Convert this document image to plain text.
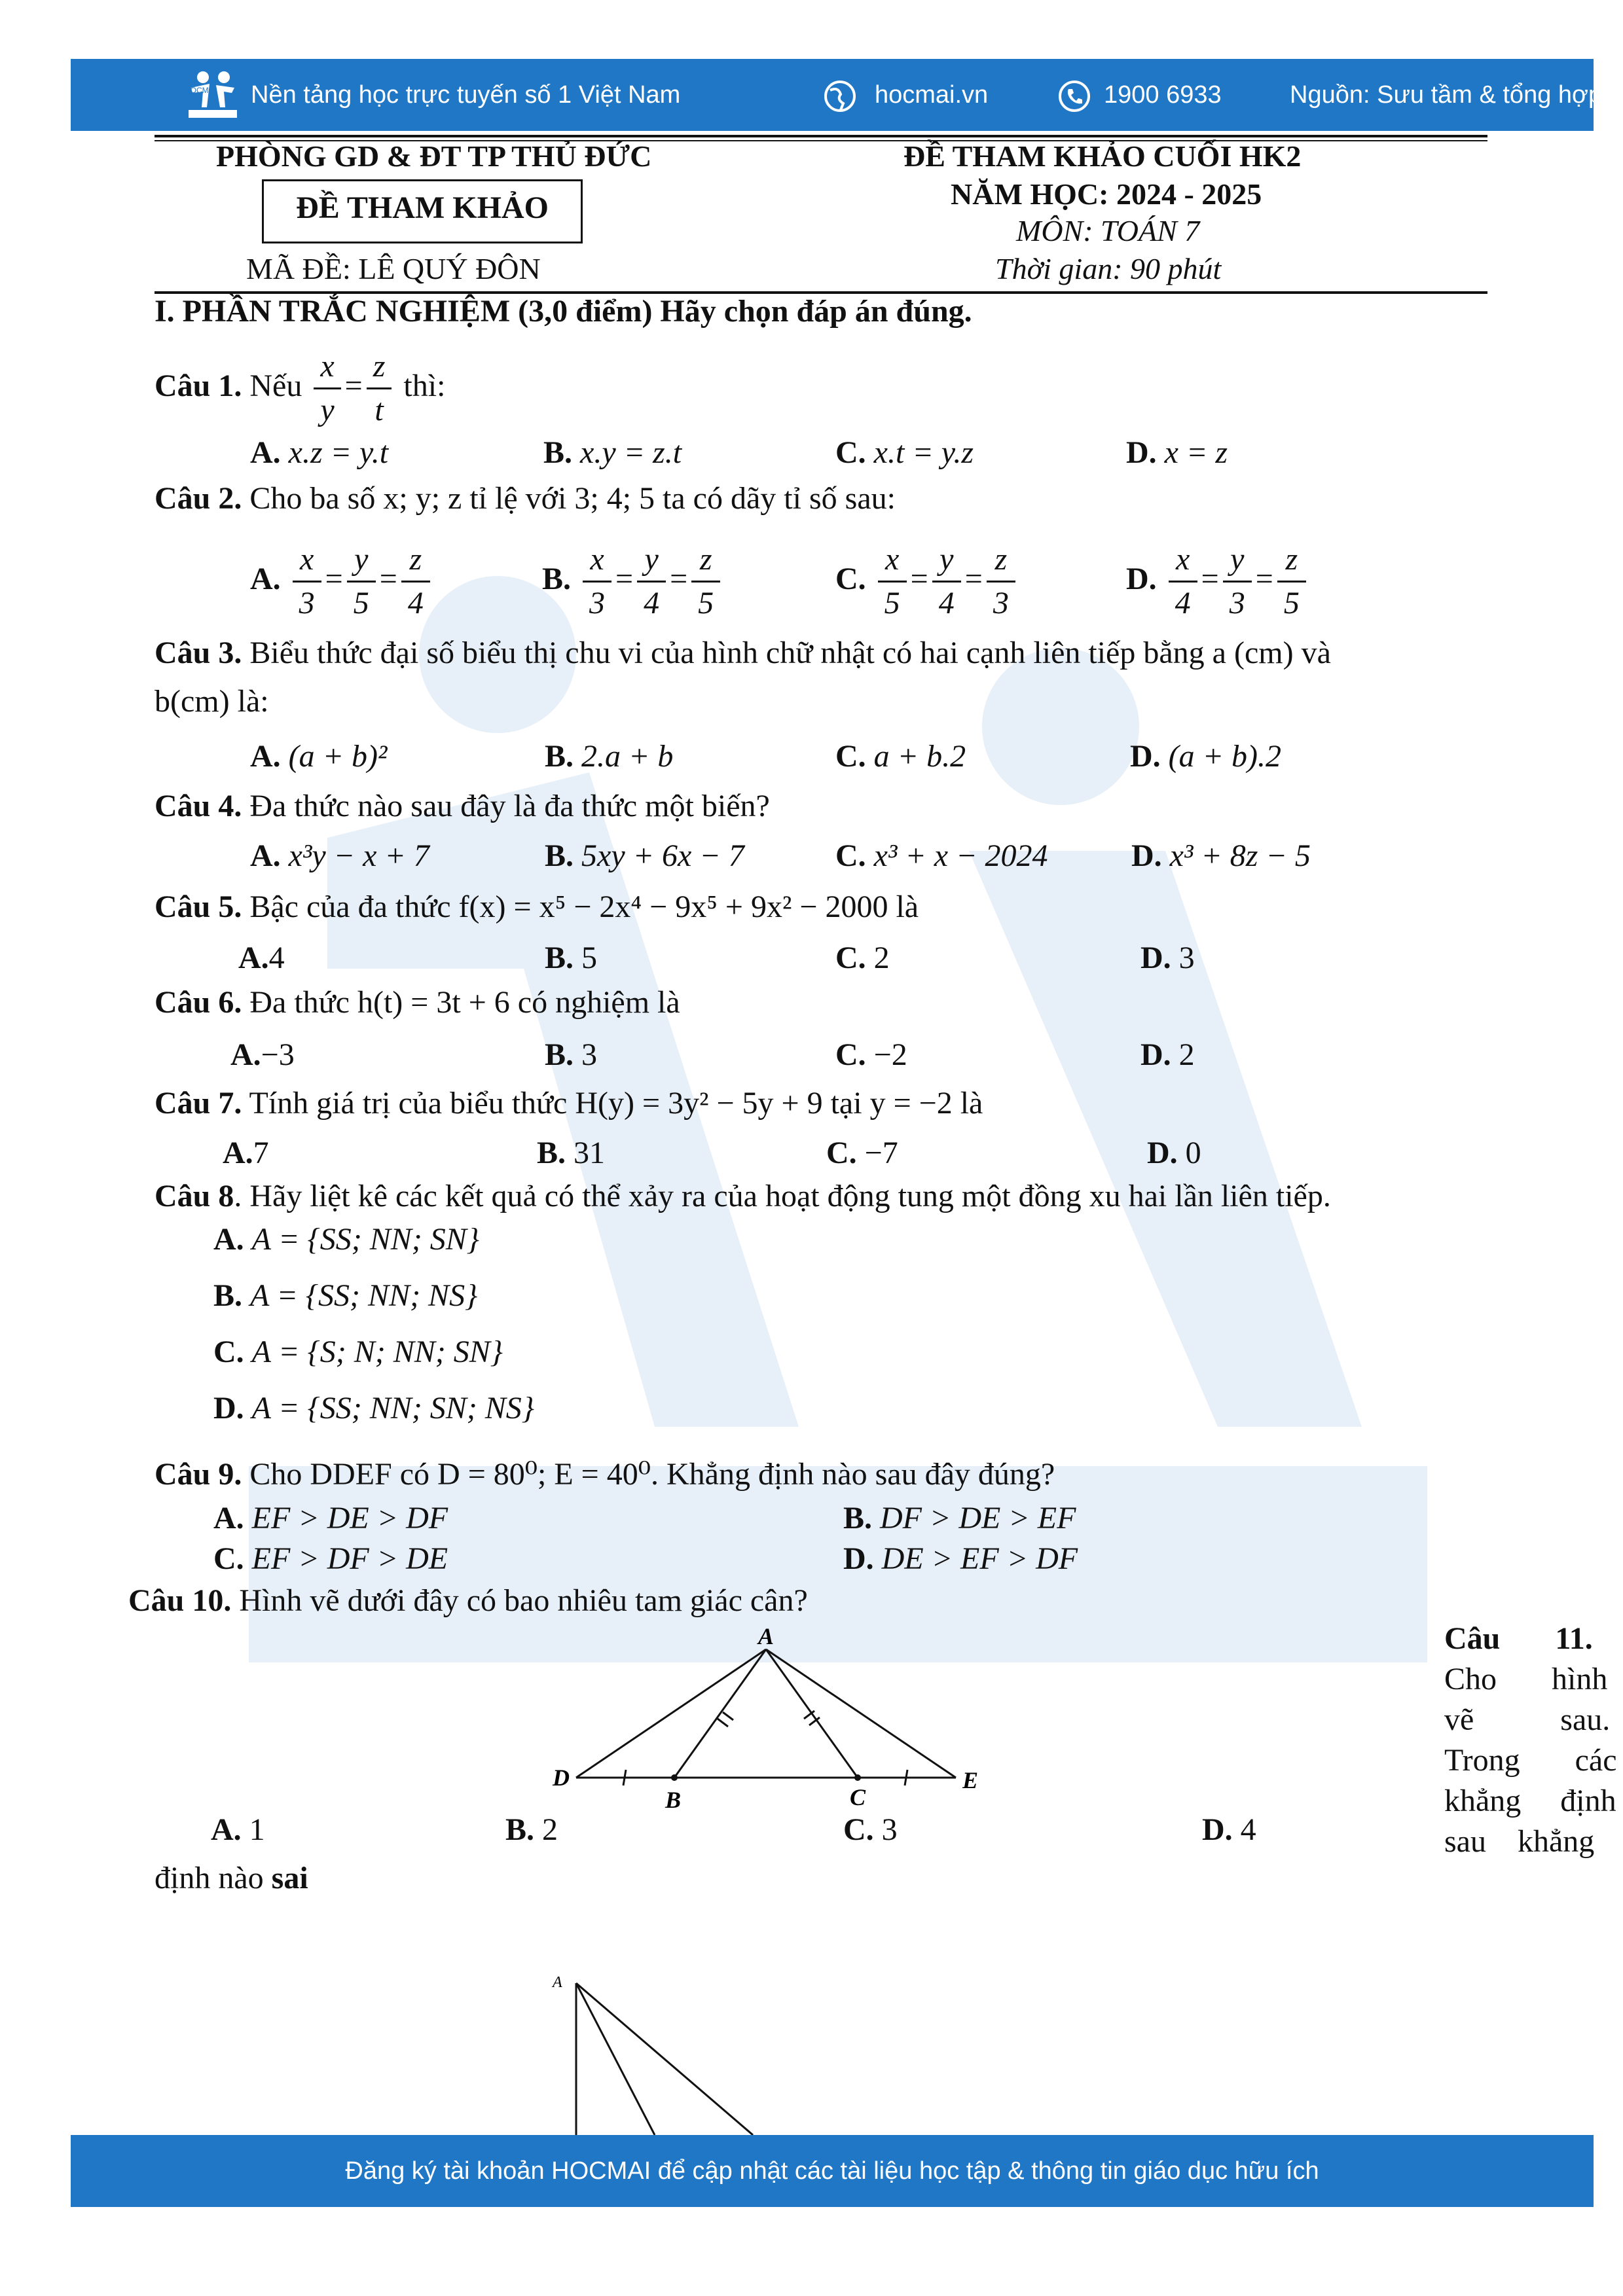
HOCMAI Nền tảng học trực tuyến số 1 Việt Nam	hocmai.vn	1900 6933	Nguồn: Sưu tầm & tổng hợp
PHÒNG GD & ĐT TP THỦ ĐỨC
ĐỀ THAM KHẢO
MÃ ĐỀ: LÊ QUÝ ĐÔN
ĐỀ THAM KHẢO CUỐI HK2
NĂM HỌC: 2024 - 2025
MÔN: TOÁN 7
Thời gian: 90 phút
I. PHẦN TRẮC NGHIỆM (3,0 điểm) Hãy chọn đáp án đúng.
Câu 1. Nếu $\frac{x}{y} = \frac{z}{t}$ thì:
A. x.z = y.t	B. x.y = z.t	C. x.t = y.z	D. x = z
Câu 2. Cho ba số x; y; z tỉ lệ với 3; 4; 5 ta có dãy tỉ số sau:
A. $\frac{x}{3} = \frac{y}{5} = \frac{z}{4}$	B. $\frac{x}{3} = \frac{y}{4} = \frac{z}{5}$	C. $\frac{x}{5} = \frac{y}{4} = \frac{z}{3}$	D. $\frac{x}{4} = \frac{y}{3} = \frac{z}{5}$
Câu 3. Biểu thức đại số biểu thị chu vi của hình chữ nhật có hai cạnh liên tiếp bằng a (cm) và
b(cm) là:
A. (a + b)²	B. 2.a + b	C. a + b.2	D. (a + b).2
Câu 4. Đa thức nào sau đây là đa thức một biến?
A. x³y − x + 7	B. 5xy + 6x − 7	C. x³ + x − 2024	D. x³ + 8z − 5
Câu 5. Bậc của đa thức f(x) = x⁵ − 2x⁴ − 9x⁵ + 9x² − 2000 là
A.4	B. 5	C. 2	D. 3
Câu 6. Đa thức h(t) = 3t + 6 có nghiệm là
A.−3	B. 3	C. −2	D. 2
Câu 7. Tính giá trị của biểu thức H(y) = 3y² − 5y + 9 tại y = −2 là
A.7	B. 31	C. −7	D. 0
Câu 8. Hãy liệt kê các kết quả có thể xảy ra của hoạt động tung một đồng xu hai lần liên tiếp.
A. A = {SS; NN; SN}
B. A = {SS; NN; NS}
C. A = {S; N; NN; SN}
D. A = {SS; NN; SN; NS}
Câu 9. Cho DDEF có D = 80⁰; E = 40⁰. Khẳng định nào sau đây đúng?
A. EF > DE > DF	B. DF > DE > EF
C. EF > DF > DE	D. DE > EF > DF
Câu 10. Hình vẽ dưới đây có bao nhiêu tam giác cân?
A
D
B	C
E
A. 1	B. 2	C. 3	D. 4
Câu       11.
Cho       hình
vẽ           sau.
Trong       các
khẳng     định
sau    khẳng
định nào sai
A
Đăng ký tài khoản HOCMAI để cập nhật các tài liệu học tập & thông tin giáo dục hữu ích
